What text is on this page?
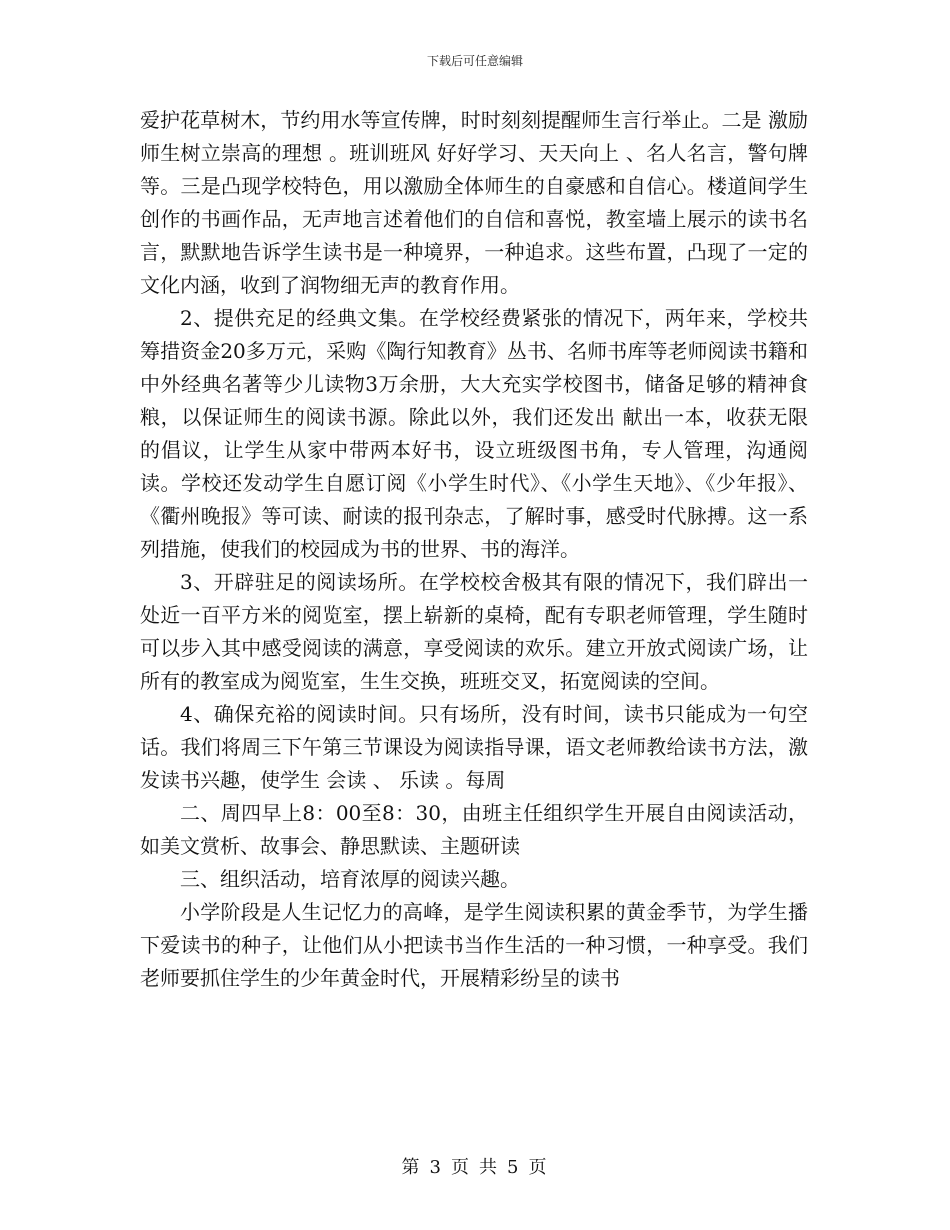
下载后可任意编辑

爱护花草树木，节约用水等宣传牌，时时刻刻提醒师生言行举止。二是 激励师生树立崇高的理想 。班训班风 好好学习、天天向上 、名人名言，警句牌等。三是凸现学校特色，用以激励全体师生的自豪感和自信心。楼道间学生创作的书画作品，无声地言述着他们的自信和喜悦，教室墙上展示的读书名言，默默地告诉学生读书是一种境界，一种追求。这些布置，凸现了一定的文化内涵，收到了润物细无声的教育作用。

2、提供充足的经典文集。在学校经费紧张的情况下，两年来，学校共筹措资金20多万元，采购《陶行知教育》丛书、名师书库等老师阅读书籍和中外经典名著等少儿读物3万余册，大大充实学校图书，储备足够的精神食粮，以保证师生的阅读书源。除此以外，我们还发出 献出一本，收获无限 的倡议，让学生从家中带两本好书，设立班级图书角，专人管理，沟通阅读。学校还发动学生自愿订阅《小学生时代》、《小学生天地》、《少年报》、《衢州晚报》等可读、耐读的报刊杂志，了解时事，感受时代脉搏。这一系列措施，使我们的校园成为书的世界、书的海洋。

3、开辟驻足的阅读场所。在学校校舍极其有限的情况下，我们辟出一处近一百平方米的阅览室，摆上崭新的桌椅，配有专职老师管理，学生随时可以步入其中感受阅读的满意，享受阅读的欢乐。建立开放式阅读广场，让所有的教室成为阅览室，生生交换，班班交叉，拓宽阅读的空间。

4、确保充裕的阅读时间。只有场所，没有时间，读书只能成为一句空话。我们将周三下午第三节课设为阅读指导课，语文老师教给读书方法，激发读书兴趣，使学生 会读 、 乐读 。每周

二、周四早上8：00至8：30，由班主任组织学生开展自由阅读活动，如美文赏析、故事会、静思默读、主题研读

三、组织活动，培育浓厚的阅读兴趣。

小学阶段是人生记忆力的高峰，是学生阅读积累的黄金季节，为学生播下爱读书的种子，让他们从小把读书当作生活的一种习惯，一种享受。我们老师要抓住学生的少年黄金时代，开展精彩纷呈的读书

第 3 页 共 5 页
